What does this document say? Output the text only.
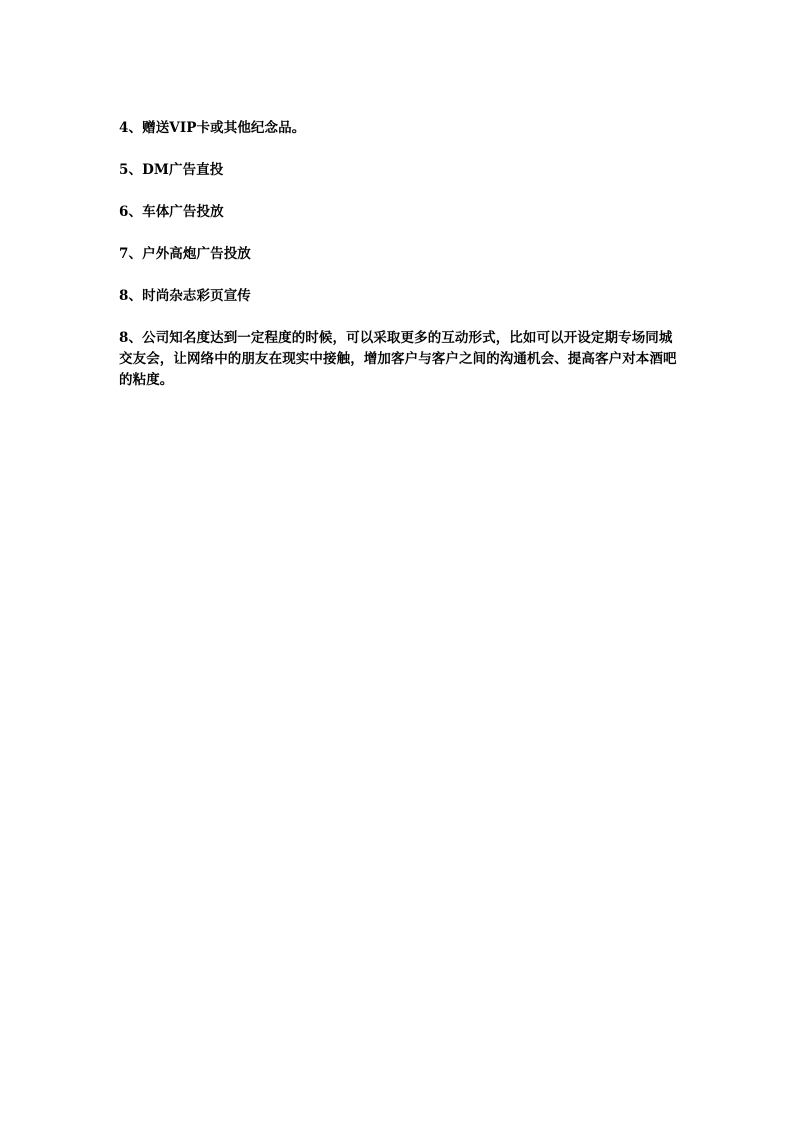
4、赠送VIP卡或其他纪念品。

5、DM广告直投

6、车体广告投放

7、户外高炮广告投放

8、时尚杂志彩页宣传

8、公司知名度达到一定程度的时候，可以采取更多的互动形式，比如可以开设定期专场同城交友会，让网络中的朋友在现实中接触，增加客户与客户之间的沟通机会、提高客户对本酒吧的粘度。
